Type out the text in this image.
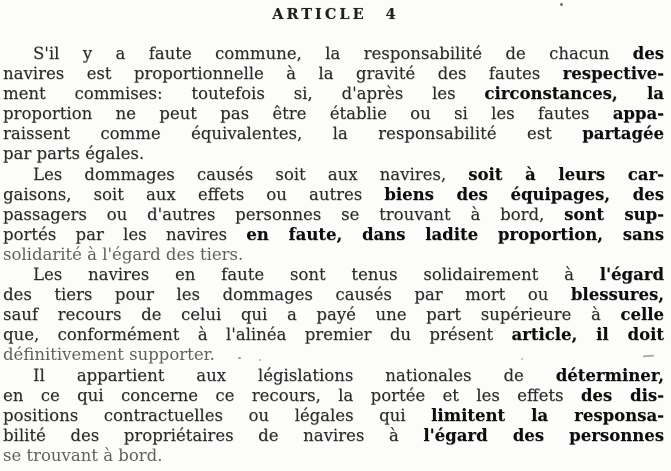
ARTICLE 4
S'il y a faute commune, la responsabilité de chacun des
navires est proportionnelle à la gravité des fautes respective-
ment commises: toutefois si, d'après les circonstances, la
proportion ne peut pas être établie ou si les fautes appa-
raissent comme équivalentes, la responsabilité est partagée
par parts égales.
Les dommages causés soit aux navires, soit à leurs car-
gaisons, soit aux effets ou autres biens des équipages, des
passagers ou d'autres personnes se trouvant à bord, sont sup-
portés par les navires en faute, dans ladite proportion, sans
solidarité à l'égard des tiers.
Les navires en faute sont tenus solidairement à l'égard
des tiers pour les dommages causés par mort ou blessures,
sauf recours de celui qui a payé une part supérieure à celle
que, conformément à l'alinéa premier du présent article, il doit
définitivement supporter.
Il appartient aux législations nationales de déterminer,
en ce qui concerne ce recours, la portée et les effets des dis-
positions contractuelles ou légales qui limitent la responsa-
bilité des propriétaires de navires à l'égard des personnes
se trouvant à bord.
